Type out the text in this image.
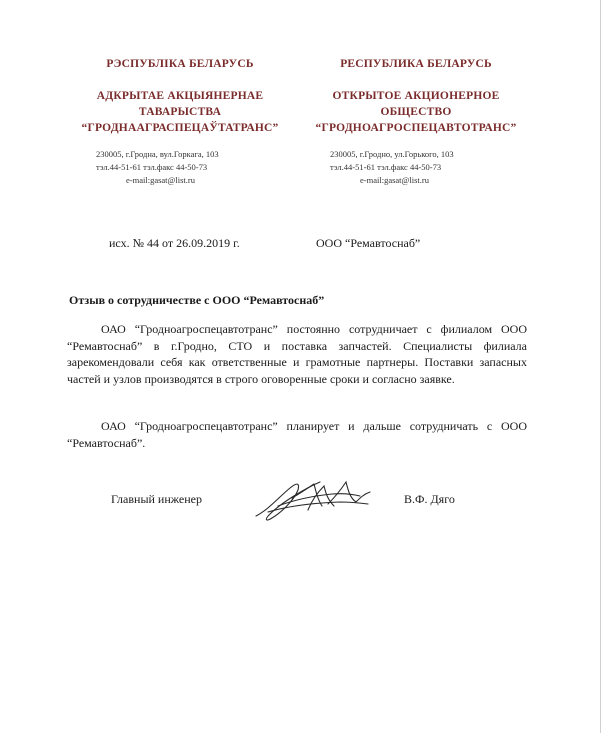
РЭСПУБЛІКА БЕЛАРУСЬ	РЕСПУБЛИКА БЕЛАРУСЬ
АДКРЫТАЕ АКЦЫЯНЕРНАЕ
ТАВАРЫСТВА
“ГРОДНААГРАСПЕЦАЎТАТРАНС”
ОТКРЫТОЕ АКЦИОНЕРНОЕ
ОБЩЕСТВО
“ГРОДНОАГРОСПЕЦАВТОТРАНС”
230005, г.Гродна, вул.Горкага, 103
тэл.44-51-61 тэл.факс 44-50-73
e-mail:gasat@list.ru
230005, г.Гродно, ул.Горького, 103
тэл.44-51-61 тэл.факс 44-50-73
e-mail:gasat@list.ru
исх. № 44 от 26.09.2019 г.	ООО “Ремавтоснаб”
Отзыв о сотрудничестве с ООО “Ремавтоснаб”
ОАО “Гродноагроспецавтотранс” постоянно сотрудничает с филиалом ООО “Ремавтоснаб” в г.Гродно, СТО и поставка запчастей. Специалисты филиала зарекомендовали себя как ответственные и грамотные партнеры. Поставки запасных частей и узлов производятся в строго оговоренные сроки и согласно заявке.
ОАО “Гродноагроспецавтотранс” планирует и дальше сотрудничать с ООО “Ремавтоснаб”.
Главный инженер	В.Ф. Дяго
